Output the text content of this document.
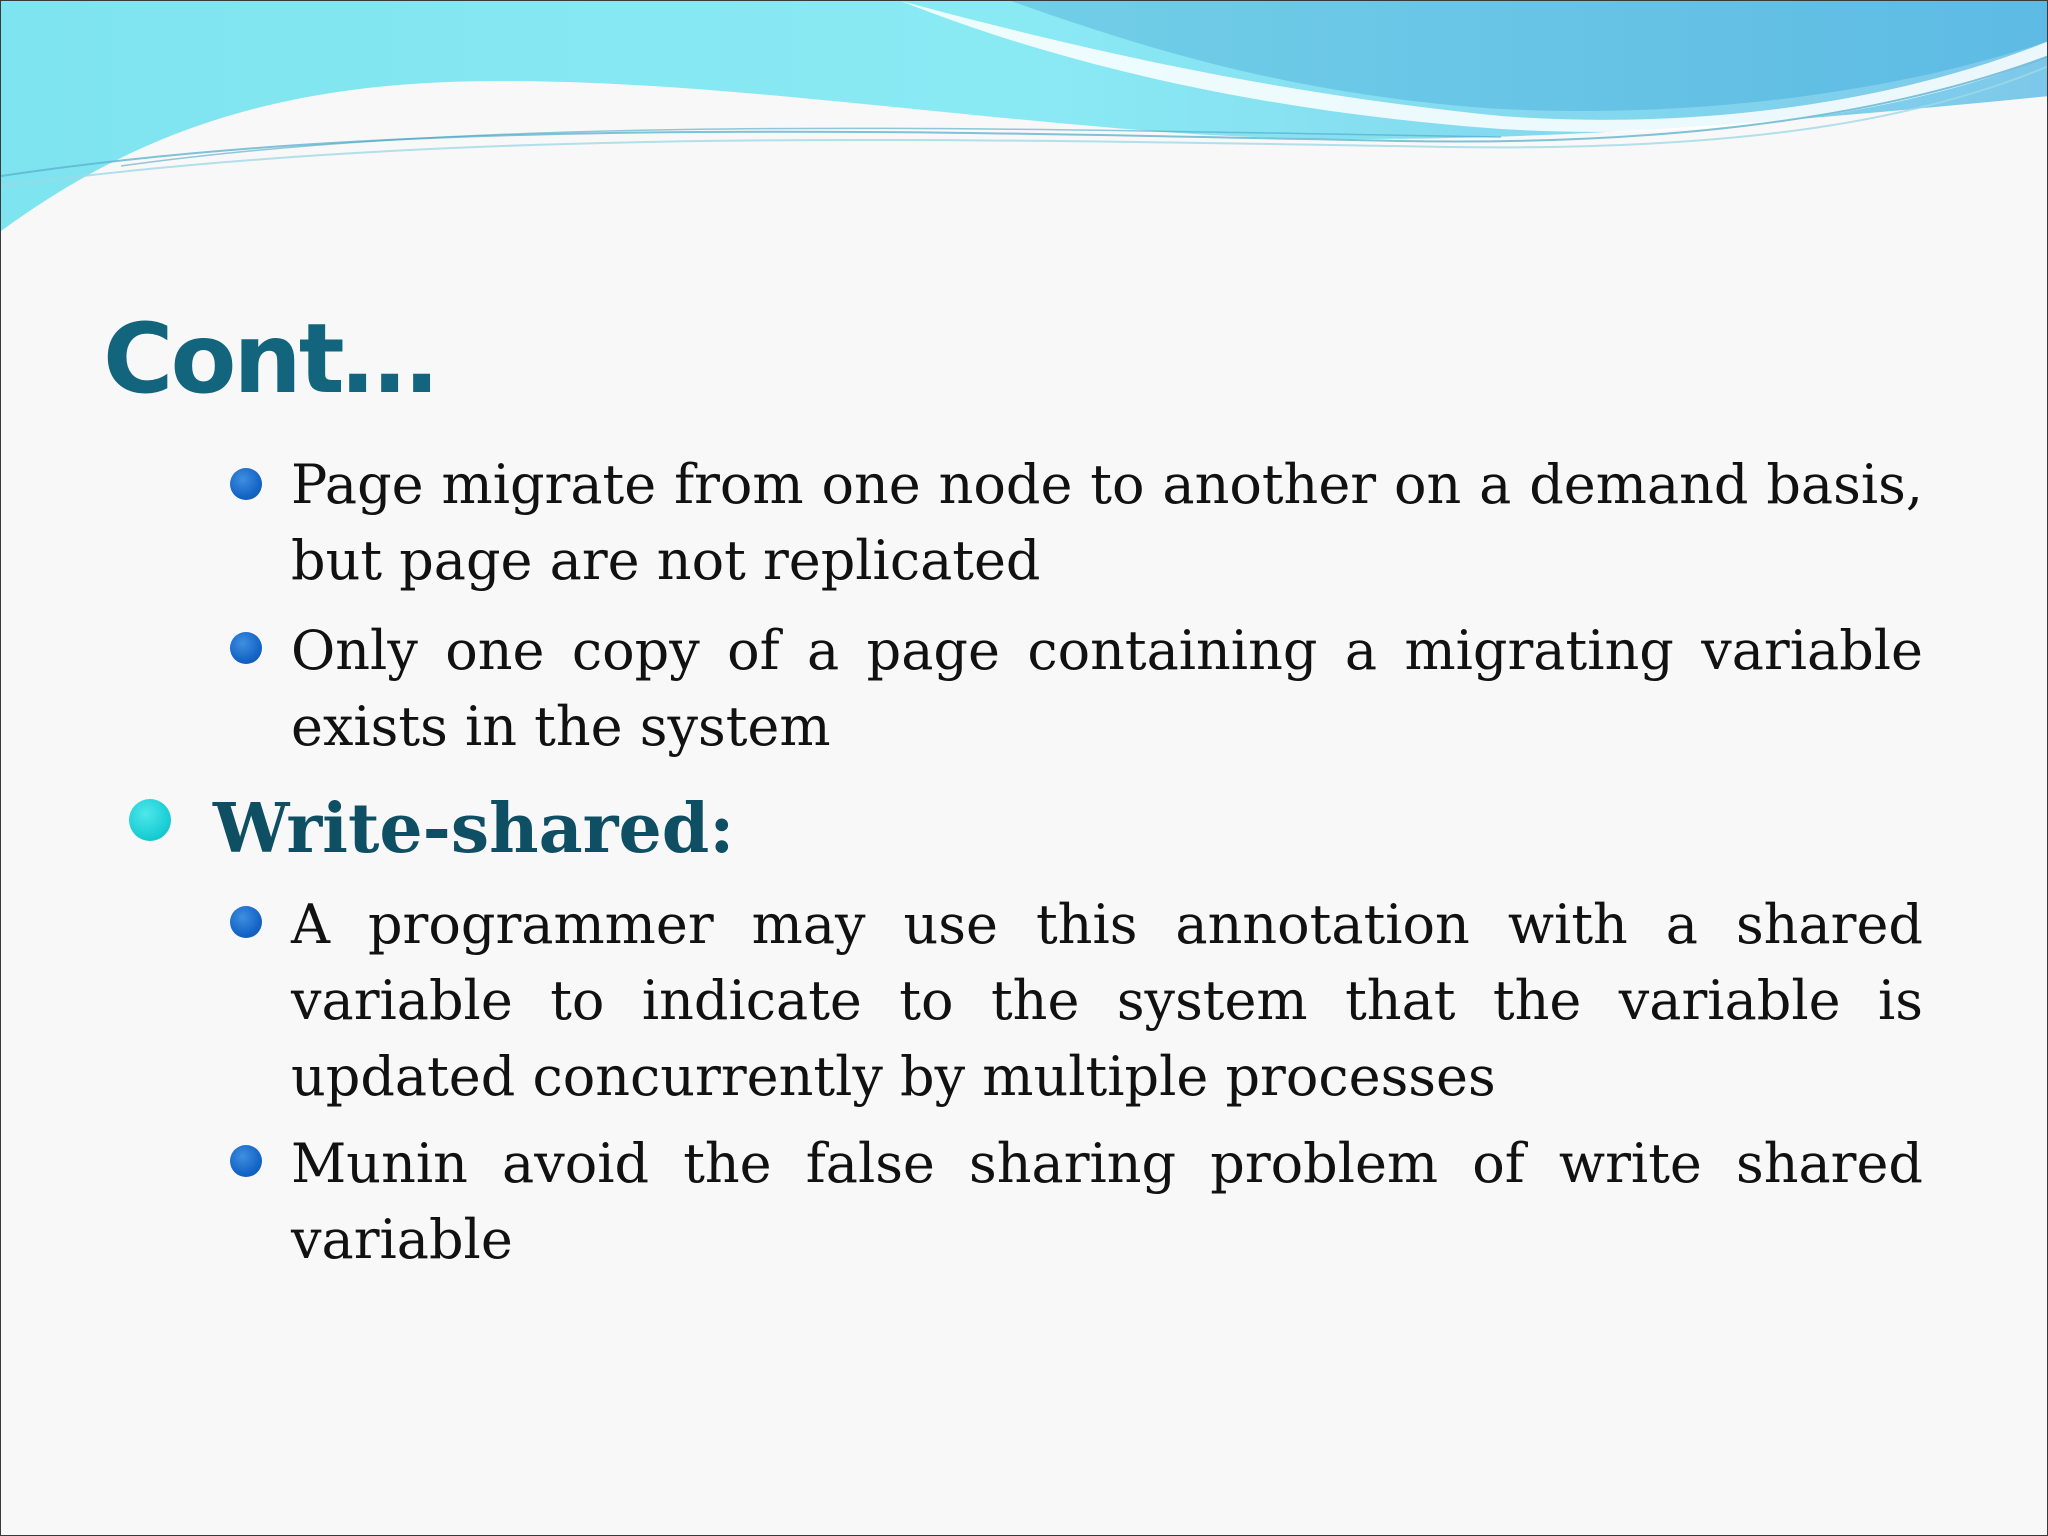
Cont…

Page migrate from one node to another on a demand basis, but page are not replicated

Only one copy of a page containing a migrating variable exists in the system

Write-shared:

A programmer may use this annotation with a shared variable to indicate to the system that the variable is updated concurrently by multiple processes

Munin avoid the false sharing problem of write shared variable
